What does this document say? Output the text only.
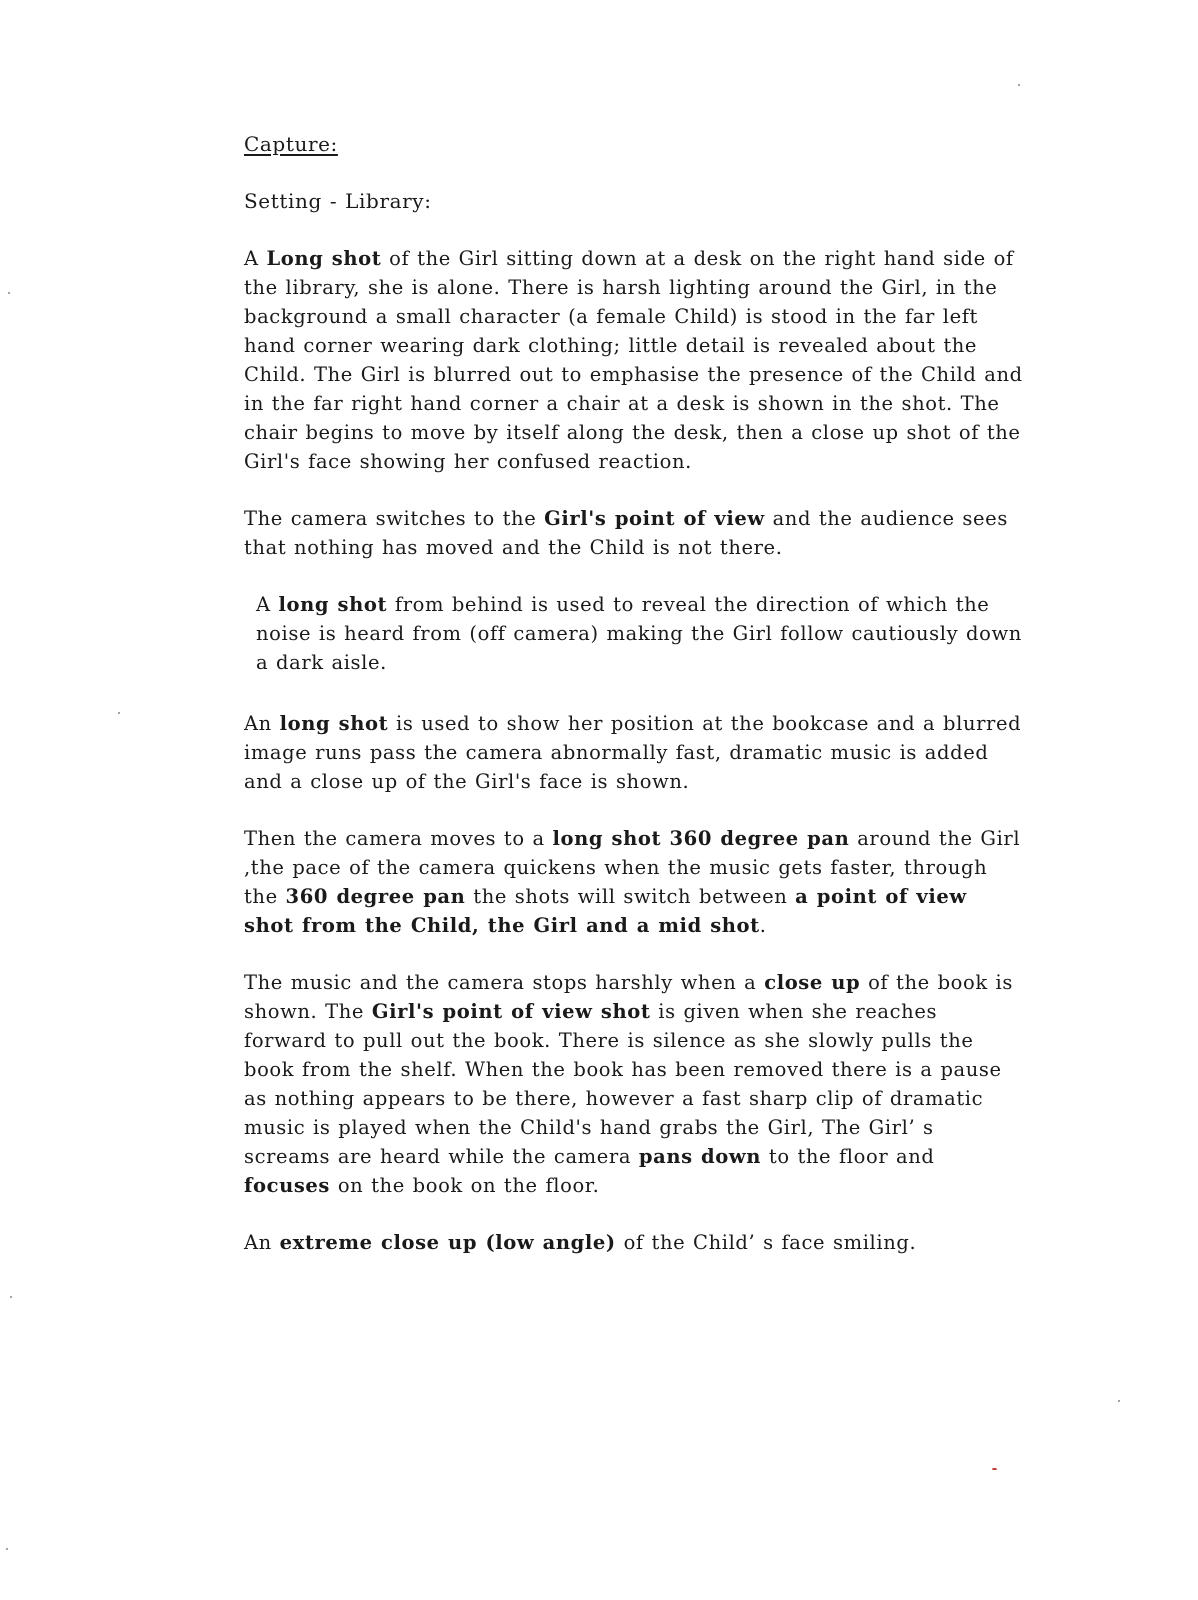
Capture:

Setting - Library:

A Long shot of the Girl sitting down at a desk on the right hand side of the library, she is alone. There is harsh lighting around the Girl, in the background a small character (a female Child) is stood in the far left hand corner wearing dark clothing; little detail is revealed about the Child. The Girl is blurred out to emphasise the presence of the Child and in the far right hand corner a chair at a desk is shown in the shot. The chair begins to move by itself along the desk, then a close up shot of the Girl's face showing her confused reaction.

The camera switches to the Girl's point of view and the audience sees that nothing has moved and the Child is not there.

A long shot from behind is used to reveal the direction of which the noise is heard from (off camera) making the Girl follow cautiously down a dark aisle.

An long shot is used to show her position at the bookcase and a blurred image runs pass the camera abnormally fast, dramatic music is added and a close up of the Girl's face is shown.

Then the camera moves to a long shot 360 degree pan around the Girl ,the pace of the camera quickens when the music gets faster, through the 360 degree pan the shots will switch between a point of view shot from the Child, the Girl and a mid shot.

The music and the camera stops harshly when a close up of the book is shown. The Girl's point of view shot is given when she reaches forward to pull out the book. There is silence as she slowly pulls the book from the shelf. When the book has been removed there is a pause as nothing appears to be there, however a fast sharp clip of dramatic music is played when the Child's hand grabs the Girl, The Girl’ s screams are heard while the camera pans down to the floor and focuses on the book on the floor.

An extreme close up (low angle) of the Child’ s face smiling.
